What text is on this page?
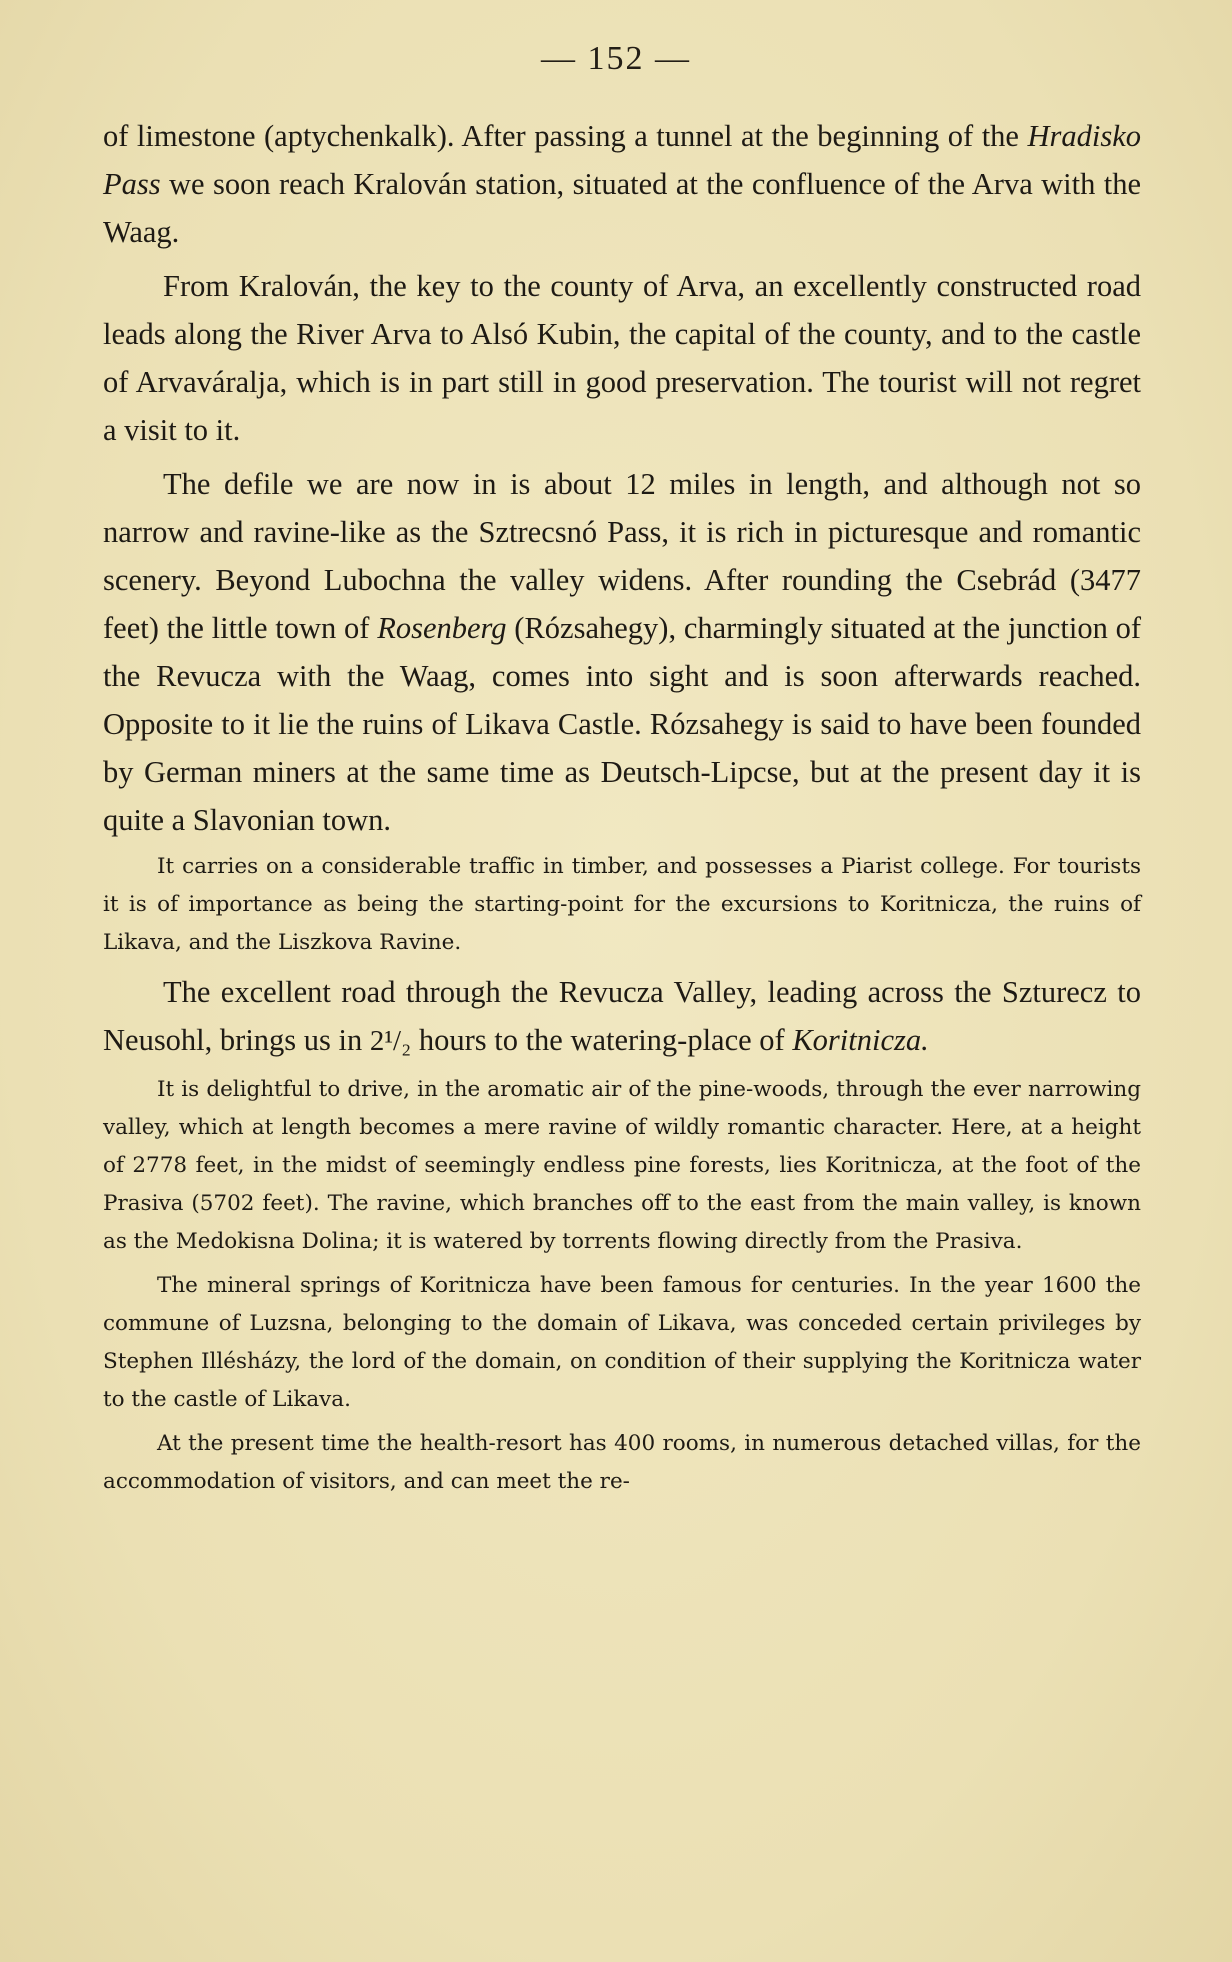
— 152 —

of limestone (aptychenkalk). After passing a tunnel at the beginning of the Hradisko Pass we soon reach Kralován station, situated at the confluence of the Arva with the Waag.

From Kralován, the key to the county of Arva, an excellently constructed road leads along the River Arva to Alsó Kubin, the capital of the county, and to the castle of Arvaváralja, which is in part still in good preservation. The tourist will not regret a visit to it.

The defile we are now in is about 12 miles in length, and although not so narrow and ravine-like as the Sztrecsnó Pass, it is rich in picturesque and romantic scenery. Beyond Lubochna the valley widens. After rounding the Csebrád (3477 feet) the little town of Rosenberg (Rózsahegy), charmingly situated at the junction of the Revucza with the Waag, comes into sight and is soon afterwards reached. Opposite to it lie the ruins of Likava Castle. Rózsahegy is said to have been founded by German miners at the same time as Deutsch-Lipcse, but at the present day it is quite a Slavonian town.

It carries on a considerable traffic in timber, and possesses a Piarist college. For tourists it is of importance as being the starting-point for the excursions to Koritnicza, the ruins of Likava, and the Liszkova Ravine.

The excellent road through the Revucza Valley, leading across the Szturecz to Neusohl, brings us in 2¹/₂ hours to the watering-place of Koritnicza.

It is delightful to drive, in the aromatic air of the pine-woods, through the ever narrowing valley, which at length becomes a mere ravine of wildly romantic character. Here, at a height of 2778 feet, in the midst of seemingly endless pine forests, lies Koritnicza, at the foot of the Prasiva (5702 feet). The ravine, which branches off to the east from the main valley, is known as the Medokisna Dolina; it is watered by torrents flowing directly from the Prasiva.

The mineral springs of Koritnicza have been famous for centuries. In the year 1600 the commune of Luzsna, belonging to the domain of Likava, was conceded certain privileges by Stephen Illésházy, the lord of the domain, on condition of their supplying the Koritnicza water to the castle of Likava.

At the present time the health-resort has 400 rooms, in numerous detached villas, for the accommodation of visitors, and can meet the re-
